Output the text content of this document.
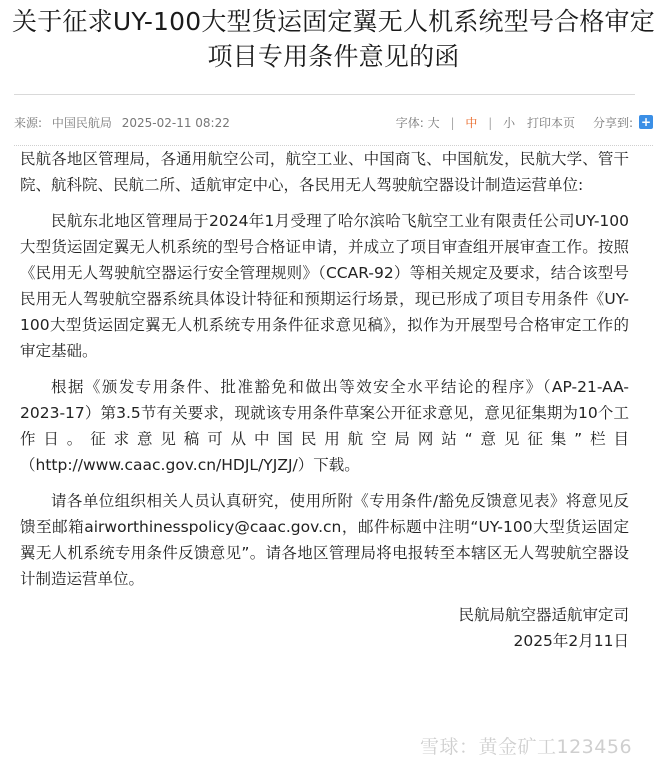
关于征求UY-100大型货运固定翼无人机系统型号合格审定
项目专用条件意见的函
来源: 中国民航局 2025-02-11 08:22	字体: 大 | 中 | 小 打印本页 分享到: +

民航各地区管理局，各通用航空公司，航空工业、中国商飞、中国航发，民航大学、管干院、航科院、民航二所、适航审定中心，各民用无人驾驶航空器设计制造运营单位:

民航东北地区管理局于2024年1月受理了哈尔滨哈飞航空工业有限责任公司UY-100大型货运固定翼无人机系统的型号合格证申请，并成立了项目审查组开展审查工作。按照《民用无人驾驶航空器运行安全管理规则》（CCAR-92）等相关规定及要求，结合该型号民用无人驾驶航空器系统具体设计特征和预期运行场景，现已形成了项目专用条件《UY-100大型货运固定翼无人机系统专用条件征求意见稿》，拟作为开展型号合格审定工作的审定基础。

根据《颁发专用条件、批准豁免和做出等效安全水平结论的程序》（AP-21-AA-2023-17）第3.5节有关要求，现就该专用条件草案公开征求意见，意见征集期为10个工作日。征求意见稿可从中国民用航空局网站“意见征集”栏目（http://www.caac.gov.cn/HDJL/YJZJ/）下载。

请各单位组织相关人员认真研究，使用所附《专用条件/豁免反馈意见表》将意见反馈至邮箱airworthinesspolicy@caac.gov.cn，邮件标题中注明“UY-100大型货运固定翼无人机系统专用条件反馈意见”。请各地区管理局将电报转至本辖区无人驾驶航空器设计制造运营单位。

民航局航空器适航审定司
2025年2月11日
雪球：黄金矿工123456
